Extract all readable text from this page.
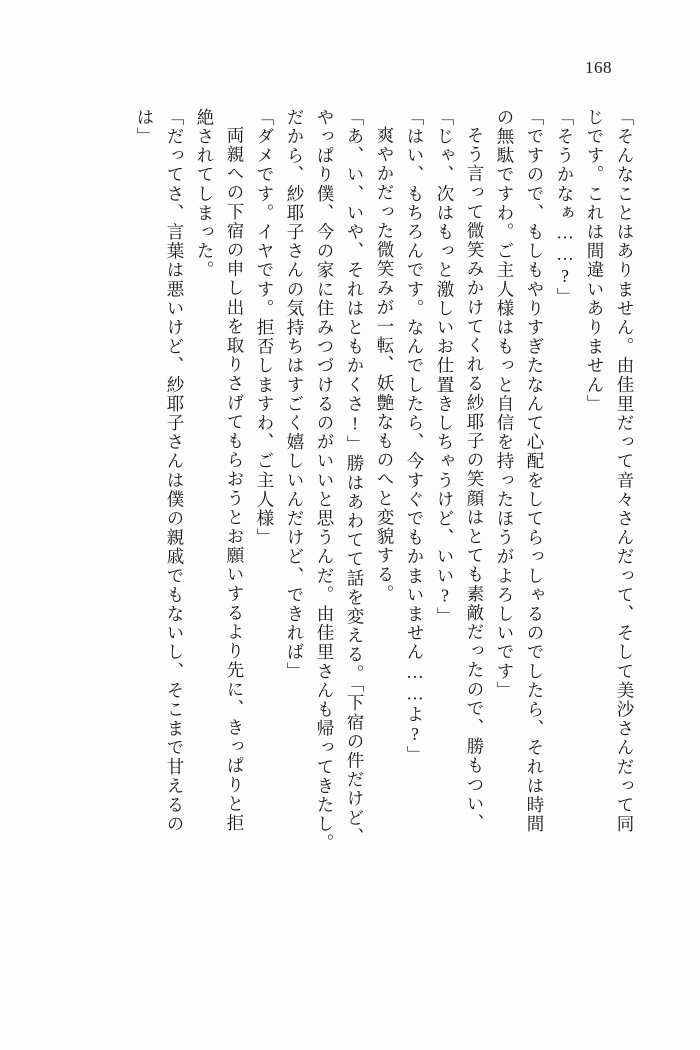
168
「そんなことはありません。由佳里だって音々さんだって、そして美沙さんだって同
じです。これは間違いありません」
「そうかなぁ……?」
「ですので、もしもやりすぎたなんて心配をしてらっしゃるのでしたら、それは時間
の無駄ですわ。ご主人様はもっと自信を持ったほうがよろしいです」
そう言って微笑みかけてくれる紗耶子の笑顔はとても素敵だったので、勝もつい、
「じゃ、次はもっと激しいお仕置きしちゃうけど、いい?」
「はい、もちろんです。なんでしたら、今すぐでもかまいません……よ?」
爽やかだった微笑みが一転、妖艶なものへと変貌する。
「あ、い、いや、それはともかくさ!」勝はあわてて話を変える。「下宿の件だけど、
やっぱり僕、今の家に住みつづけるのがいいと思うんだ。由佳里さんも帰ってきたし。
だから、紗耶子さんの気持ちはすごく嬉しいんだけど、できれば」
「ダメです。イヤです。拒否しますわ、ご主人様」
両親への下宿の申し出を取りさげてもらおうとお願いするより先に、きっぱりと拒
絶されてしまった。
「だってさ、言葉は悪いけど、紗耶子さんは僕の親戚でもないし、そこまで甘えるの
は」
